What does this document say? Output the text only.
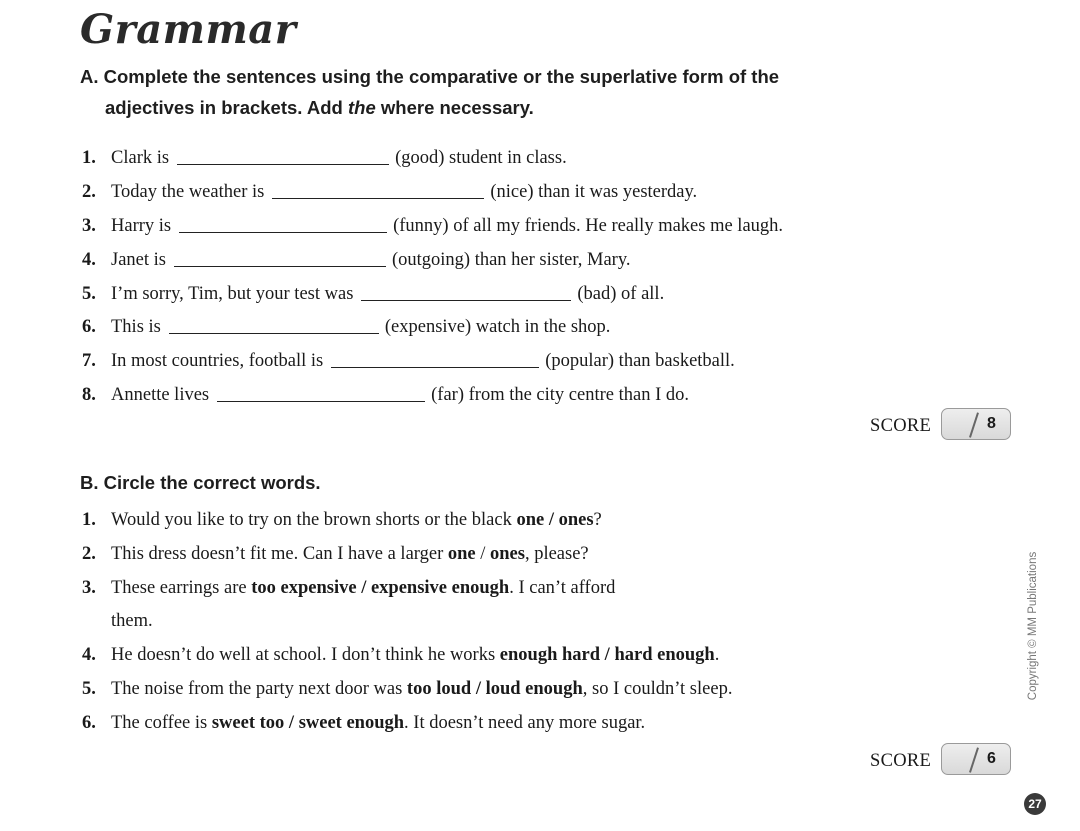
Grammar
A. Complete the sentences using the comparative or the superlative form of the
adjectives in brackets. Add the where necessary.
1. Clark is	(good) student in class.
2. Today the weather is	(nice) than it was yesterday.
3. Harry is	(funny) of all my friends. He really makes me laugh.
4. Janet is	(outgoing) than her sister, Mary.
5. I’m sorry, Tim, but your test was	(bad) of all.
6. This is	(expensive) watch in the shop.
7. In most countries, football is	(popular) than basketball.
8. Annette lives	(far) from the city centre than I do.
SCORE	8
B. Circle the correct words.
1. Would you like to try on the brown shorts or the black one / ones?
2. This dress doesn’t fit me. Can I have a larger one / ones, please?
3. These earrings are too expensive / expensive enough. I can’t afford
them.
4. He doesn’t do well at school. I don’t think he works enough hard / hard enough.
5. The noise from the party next door was too loud / loud enough, so I couldn’t sleep.
6. The coffee is sweet too / sweet enough. It doesn’t need any more sugar.
SCORE	6
Copyright © MM Publications
27
